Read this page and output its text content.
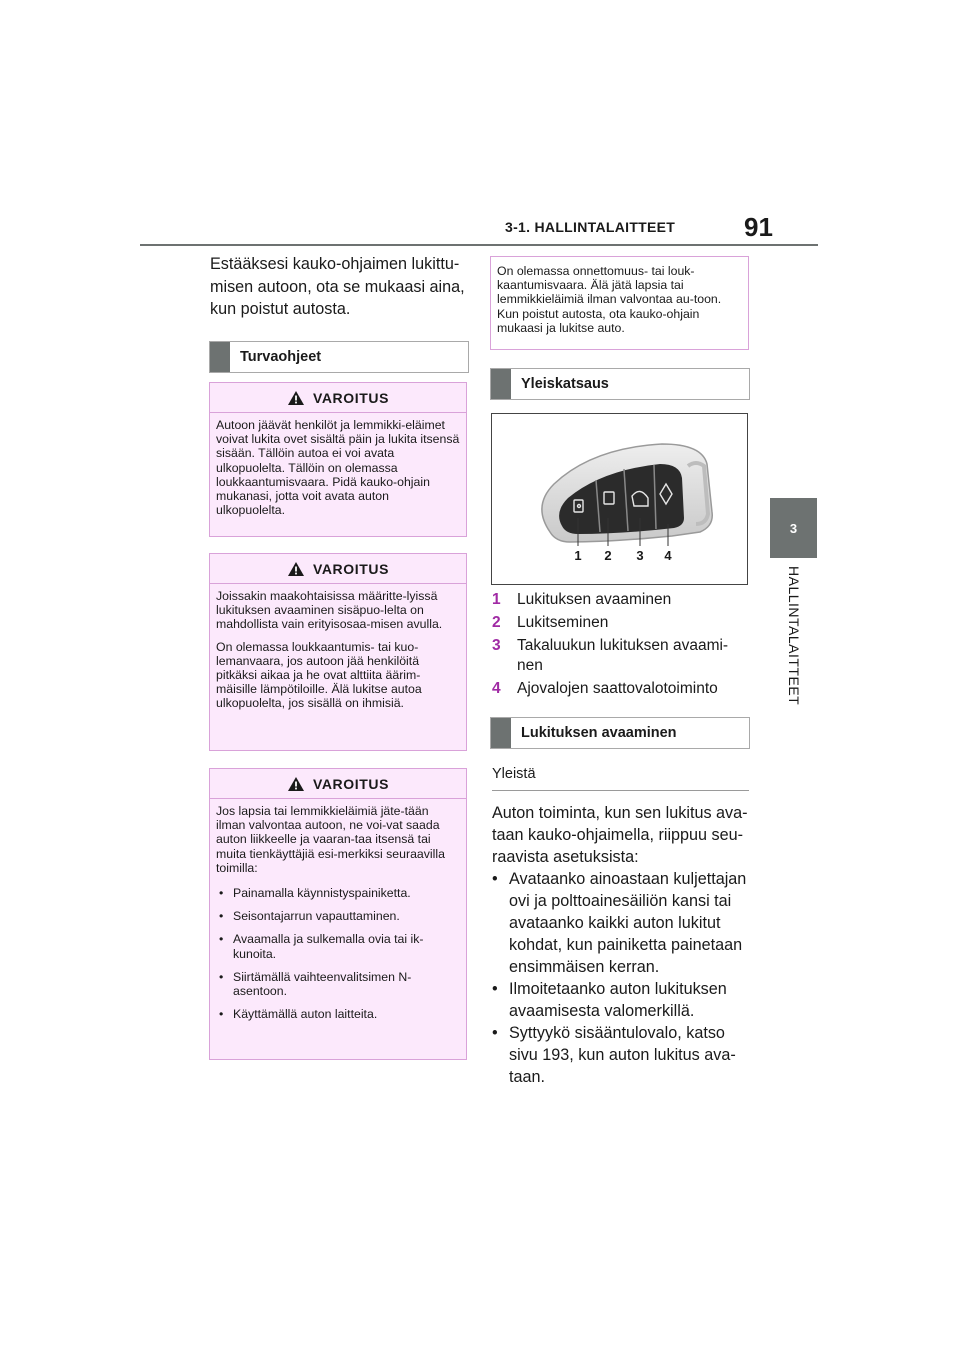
3-1. HALLINTALAITTEET	91
3
HALLINTALAITTEET
Estääksesi kauko-ohjaimen lukittu-misen autoon, ota se mukaasi aina, kun poistut autosta.
Turvaohjeet
VAROITUS

Autoon jäävät henkilöt ja lemmikki-eläimet voivat lukita ovet sisältä päin ja lukita itsensä sisään. Tällöin autoa ei voi avata ulkopuolelta. Tällöin on olemassa loukkaantumisvaara. Pidä kauko-ohjain mukanasi, jotta voit avata auton ulkopuolelta.

VAROITUS

Joissakin maakohtaisissa määritte-lyissä lukituksen avaaminen sisäpuo-lelta on mahdollista vain erityisosaa-misen avulla.

On olemassa loukkaantumis- tai kuo-lemanvaara, jos autoon jää henkilöitä pitkäksi aikaa ja he ovat alttiita äärim-mäisille lämpötiloille. Älä lukitse autoa ulkopuolelta, jos sisällä on ihmisiä.

VAROITUS

Jos lapsia tai lemmikkieläimiä jäte-tään ilman valvontaa autoon, ne voi-vat saada auton liikkeelle ja vaaran-taa itsensä tai muita tienkäyttäjiä esi-merkiksi seuraavilla toimilla:

• Painamalla käynnistyspainiketta.
• Seisontajarrun vapauttaminen.
• Avaamalla ja sulkemalla ovia tai ik-kunoita.
• Siirtämällä vaihteenvalitsimen N-asentoon.
• Käyttämällä auton laitteita.
On olemassa onnettomuus- tai louk-kaantumisvaara. Älä jätä lapsia tai lemmikkieläimiä ilman valvontaa au-toon. Kun poistut autosta, ota kauko-ohjain mukaasi ja lukitse auto.
Yleiskatsaus
1 2 3 4
1	Lukituksen avaaminen
2	Lukitseminen
3	Takaluukun lukituksen avaami-nen
4	Ajovalojen saattovalotoiminto
Lukituksen avaaminen
Yleistä

Auton toiminta, kun sen lukitus ava-taan kauko-ohjaimella, riippuu seu-raavista asetuksista:

• Avataanko ainoastaan kuljettajan ovi ja polttoainesäiliön kansi tai avataanko kaikki auton lukitut kohdat, kun painiketta painetaan ensimmäisen kerran.
• Ilmoitetaanko auton lukituksen avaamisesta valomerkillä.
• Syttyykö sisääntulovalo, katso sivu 193, kun auton lukitus ava-taan.
